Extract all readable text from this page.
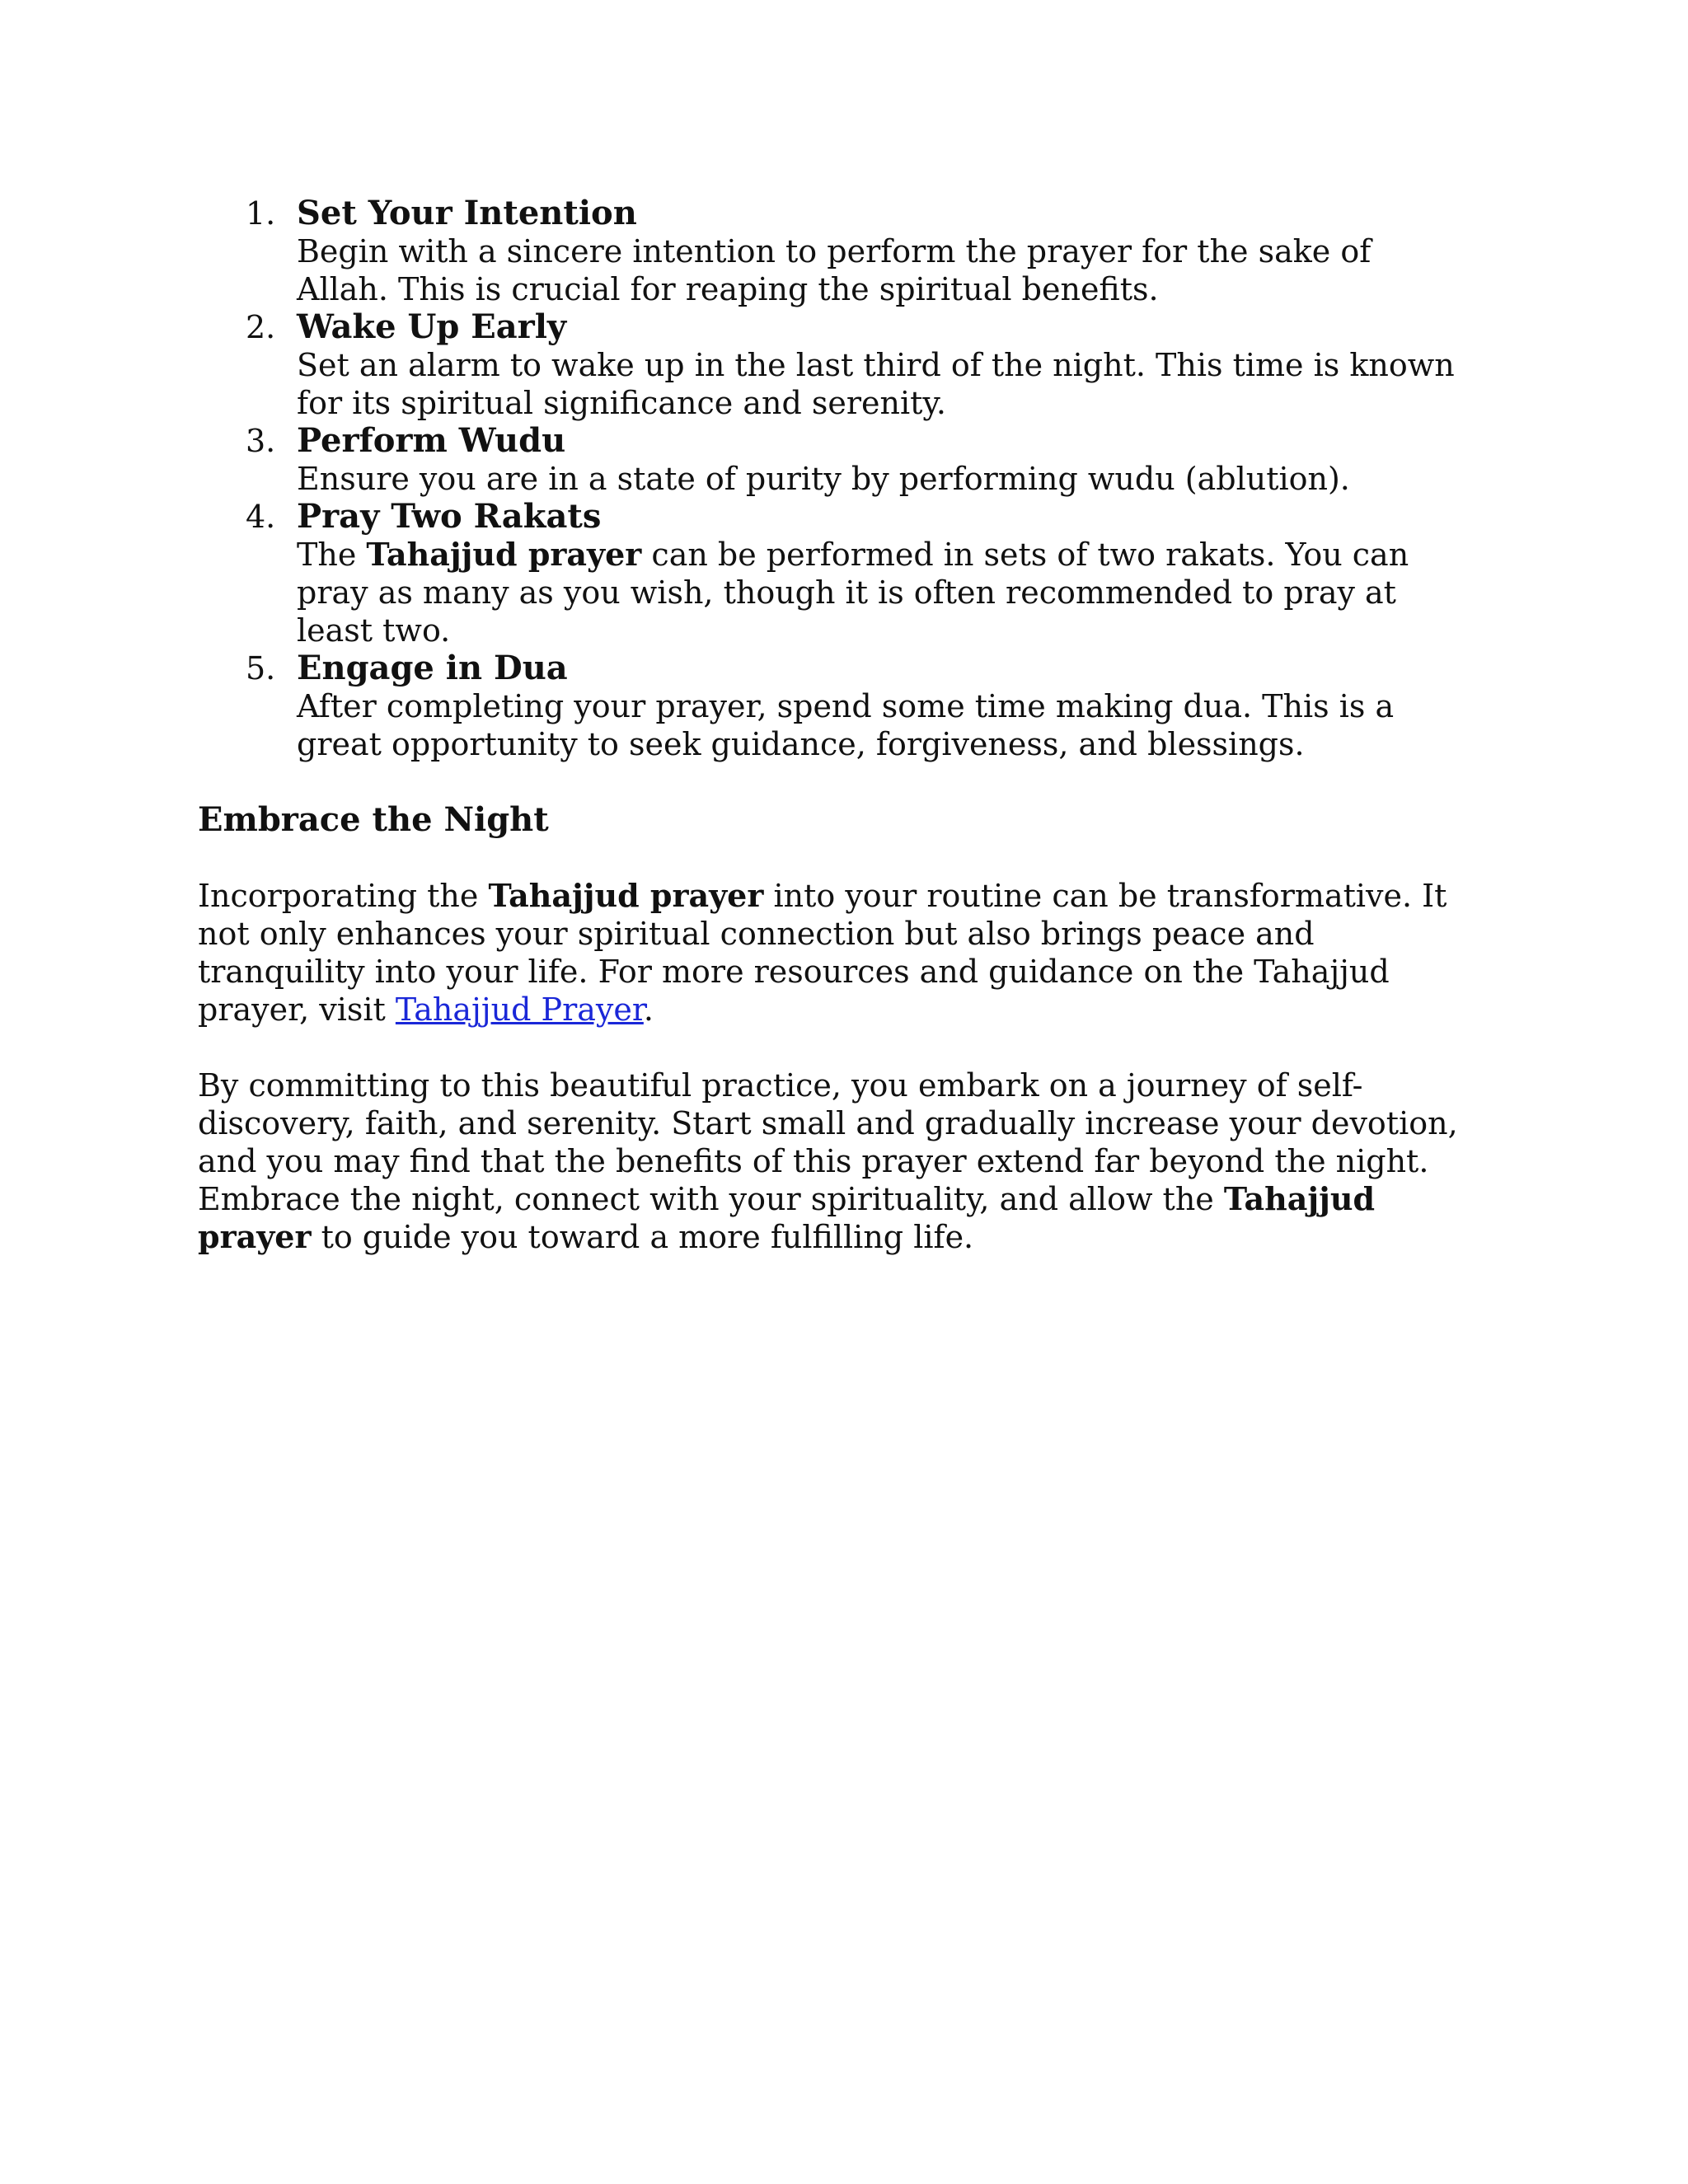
1. Set Your Intention
Begin with a sincere intention to perform the prayer for the sake of Allah. This is crucial for reaping the spiritual benefits.
2. Wake Up Early
Set an alarm to wake up in the last third of the night. This time is known for its spiritual significance and serenity.
3. Perform Wudu
Ensure you are in a state of purity by performing wudu (ablution).
4. Pray Two Rakats
The Tahajjud prayer can be performed in sets of two rakats. You can pray as many as you wish, though it is often recommended to pray at least two.
5. Engage in Dua
After completing your prayer, spend some time making dua. This is a great opportunity to seek guidance, forgiveness, and blessings.
Embrace the Night

Incorporating the Tahajjud prayer into your routine can be transformative. It not only enhances your spiritual connection but also brings peace and tranquility into your life. For more resources and guidance on the Tahajjud prayer, visit Tahajjud Prayer.

By committing to this beautiful practice, you embark on a journey of self-discovery, faith, and serenity. Start small and gradually increase your devotion, and you may find that the benefits of this prayer extend far beyond the night. Embrace the night, connect with your spirituality, and allow the Tahajjud prayer to guide you toward a more fulfilling life.
